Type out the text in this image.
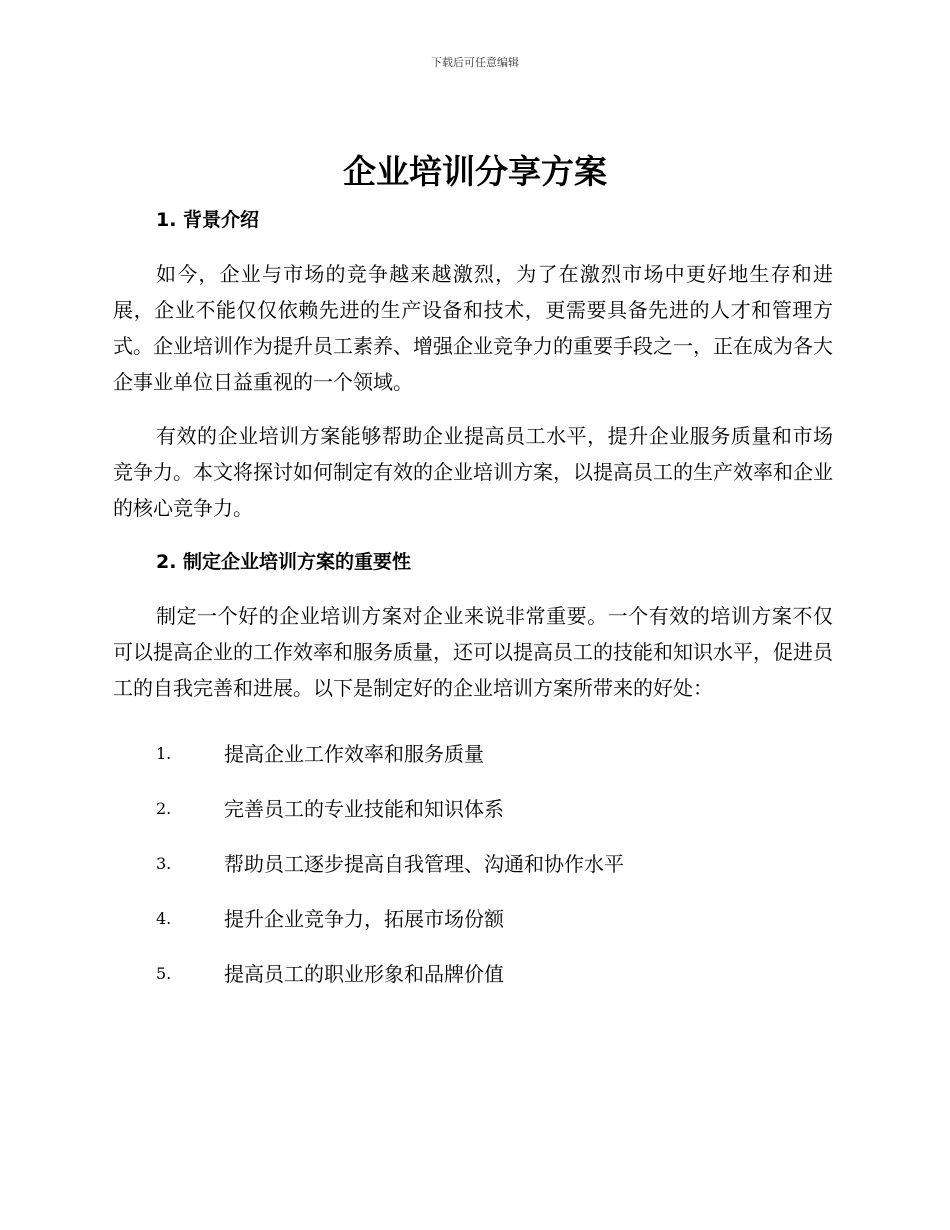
下载后可任意编辑
企业培训分享方案
1. 背景介绍

如今，企业与市场的竞争越来越激烈，为了在激烈市场中更好地生存和进展，企业不能仅仅依赖先进的生产设备和技术，更需要具备先进的人才和管理方式。企业培训作为提升员工素养、增强企业竞争力的重要手段之一，正在成为各大企事业单位日益重视的一个领域。

有效的企业培训方案能够帮助企业提高员工水平，提升企业服务质量和市场竞争力。本文将探讨如何制定有效的企业培训方案，以提高员工的生产效率和企业的核心竞争力。

2. 制定企业培训方案的重要性

制定一个好的企业培训方案对企业来说非常重要。一个有效的培训方案不仅可以提高企业的工作效率和服务质量，还可以提高员工的技能和知识水平，促进员工的自我完善和进展。以下是制定好的企业培训方案所带来的好处：

1.	提高企业工作效率和服务质量
2.	完善员工的专业技能和知识体系
3.	帮助员工逐步提高自我管理、沟通和协作水平
4.	提升企业竞争力，拓展市场份额
5.	提高员工的职业形象和品牌价值
